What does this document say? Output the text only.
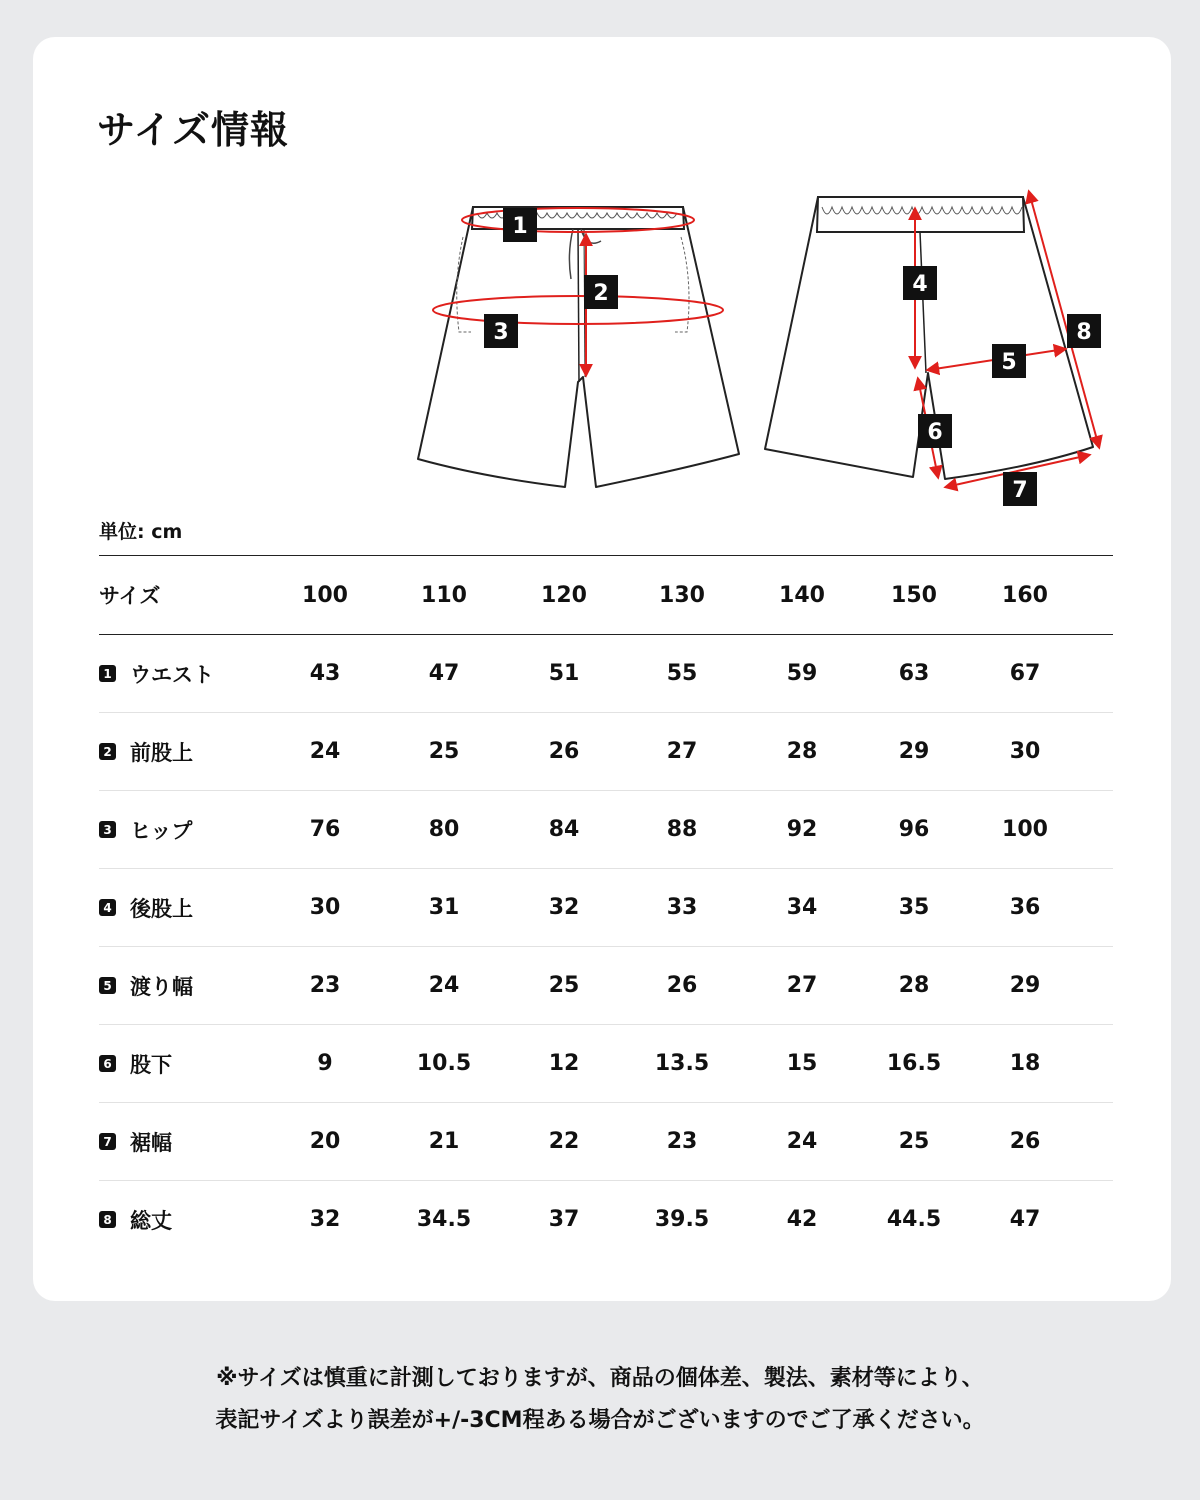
サイズ情報
1
2
3
4
5
6
7
8
単位: cm
サイズ	100	110	120	130	140	150	160
1 ウエスト	43	47	51	55	59	63	67
2 前股上	24	25	26	27	28	29	30
3 ヒップ	76	80	84	88	92	96	100
4 後股上	30	31	32	33	34	35	36
5 渡り幅	23	24	25	26	27	28	29
6 股下	9	10.5	12	13.5	15	16.5	18
7 裾幅	20	21	22	23	24	25	26
8 総丈	32	34.5	37	39.5	42	44.5	47
※サイズは慎重に計測しておりますが、商品の個体差、製法、素材等により、
表記サイズより誤差が+/-3CM程ある場合がございますのでご了承ください。
